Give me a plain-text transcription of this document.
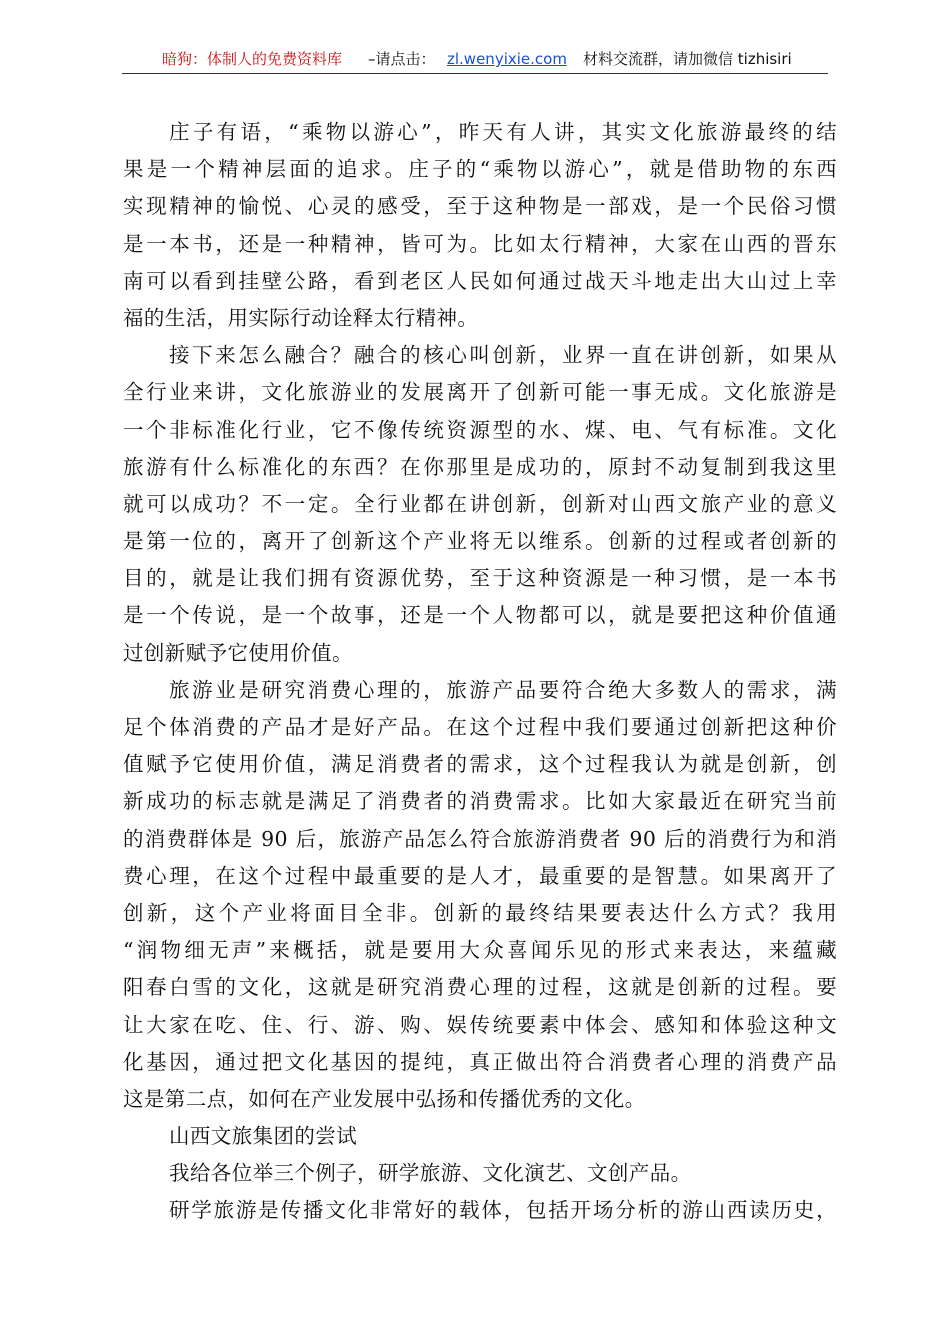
暗狗：体制人的免费资料库 –请点击： zl.wenyixie.com 材料交流群，请加微信 tizhisiri
庄子有语，“乘物以游心”，昨天有人讲，其实文化旅游最终的结
果是一个精神层面的追求。庄子的“乘物以游心”，就是借助物的东西
实现精神的愉悦、心灵的感受，至于这种物是一部戏，是一个民俗习惯
是一本书，还是一种精神，皆可为。比如太行精神，大家在山西的晋东
南可以看到挂壁公路，看到老区人民如何通过战天斗地走出大山过上幸
福的生活，用实际行动诠释太行精神。
接下来怎么融合？融合的核心叫创新，业界一直在讲创新，如果从
全行业来讲，文化旅游业的发展离开了创新可能一事无成。文化旅游是
一个非标准化行业，它不像传统资源型的水、煤、电、气有标准。文化
旅游有什么标准化的东西？在你那里是成功的，原封不动复制到我这里
就可以成功？不一定。全行业都在讲创新，创新对山西文旅产业的意义
是第一位的，离开了创新这个产业将无以维系。创新的过程或者创新的
目的，就是让我们拥有资源优势，至于这种资源是一种习惯，是一本书
是一个传说，是一个故事，还是一个人物都可以，就是要把这种价值通
过创新赋予它使用价值。
旅游业是研究消费心理的，旅游产品要符合绝大多数人的需求，满
足个体消费的产品才是好产品。在这个过程中我们要通过创新把这种价
值赋予它使用价值，满足消费者的需求，这个过程我认为就是创新，创
新成功的标志就是满足了消费者的消费需求。比如大家最近在研究当前
的消费群体是 90 后，旅游产品怎么符合旅游消费者 90 后的消费行为和消
费心理，在这个过程中最重要的是人才，最重要的是智慧。如果离开了
创新，这个产业将面目全非。创新的最终结果要表达什么方式？我用
“润物细无声”来概括，就是要用大众喜闻乐见的形式来表达，来蕴藏
阳春白雪的文化，这就是研究消费心理的过程，这就是创新的过程。要
让大家在吃、住、行、游、购、娱传统要素中体会、感知和体验这种文
化基因，通过把文化基因的提纯，真正做出符合消费者心理的消费产品
这是第二点，如何在产业发展中弘扬和传播优秀的文化。
山西文旅集团的尝试
我给各位举三个例子，研学旅游、文化演艺、文创产品。
研学旅游是传播文化非常好的载体，包括开场分析的游山西读历史，
